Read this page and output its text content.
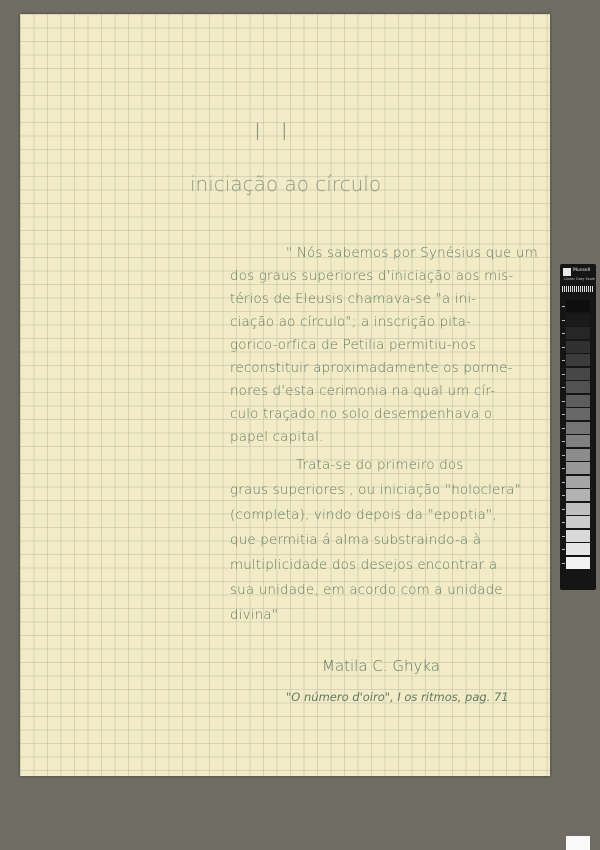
I I
iniciação ao círculo
" Nós sabemos por Synésius que um
dos graus superiores d'iniciação aos mis-
térios de Eleusis chamava-se "a ini-
ciação ao círculo"; a inscrição pita-
gorico-orfica de Petilia permitiu-nos
reconstituir aproximadamente os porme-
nores d'esta cerimonia na qual um cír-
culo traçado no solo desempenhava o
papel capital.
Trata-se do primeiro dos
graus superiores , ou iniciação "holoclera"
(completa), vindo depois da "epoptia",
que permitia á alma substraindo-a à
multiplicidade dos desejos encontrar a
sua unidade, em acordo com a unidade
divina"
Matila C. Ghyka
"O número d'oiro", I os ritmos, pag. 71
Munsell
Linear Gray Scale
